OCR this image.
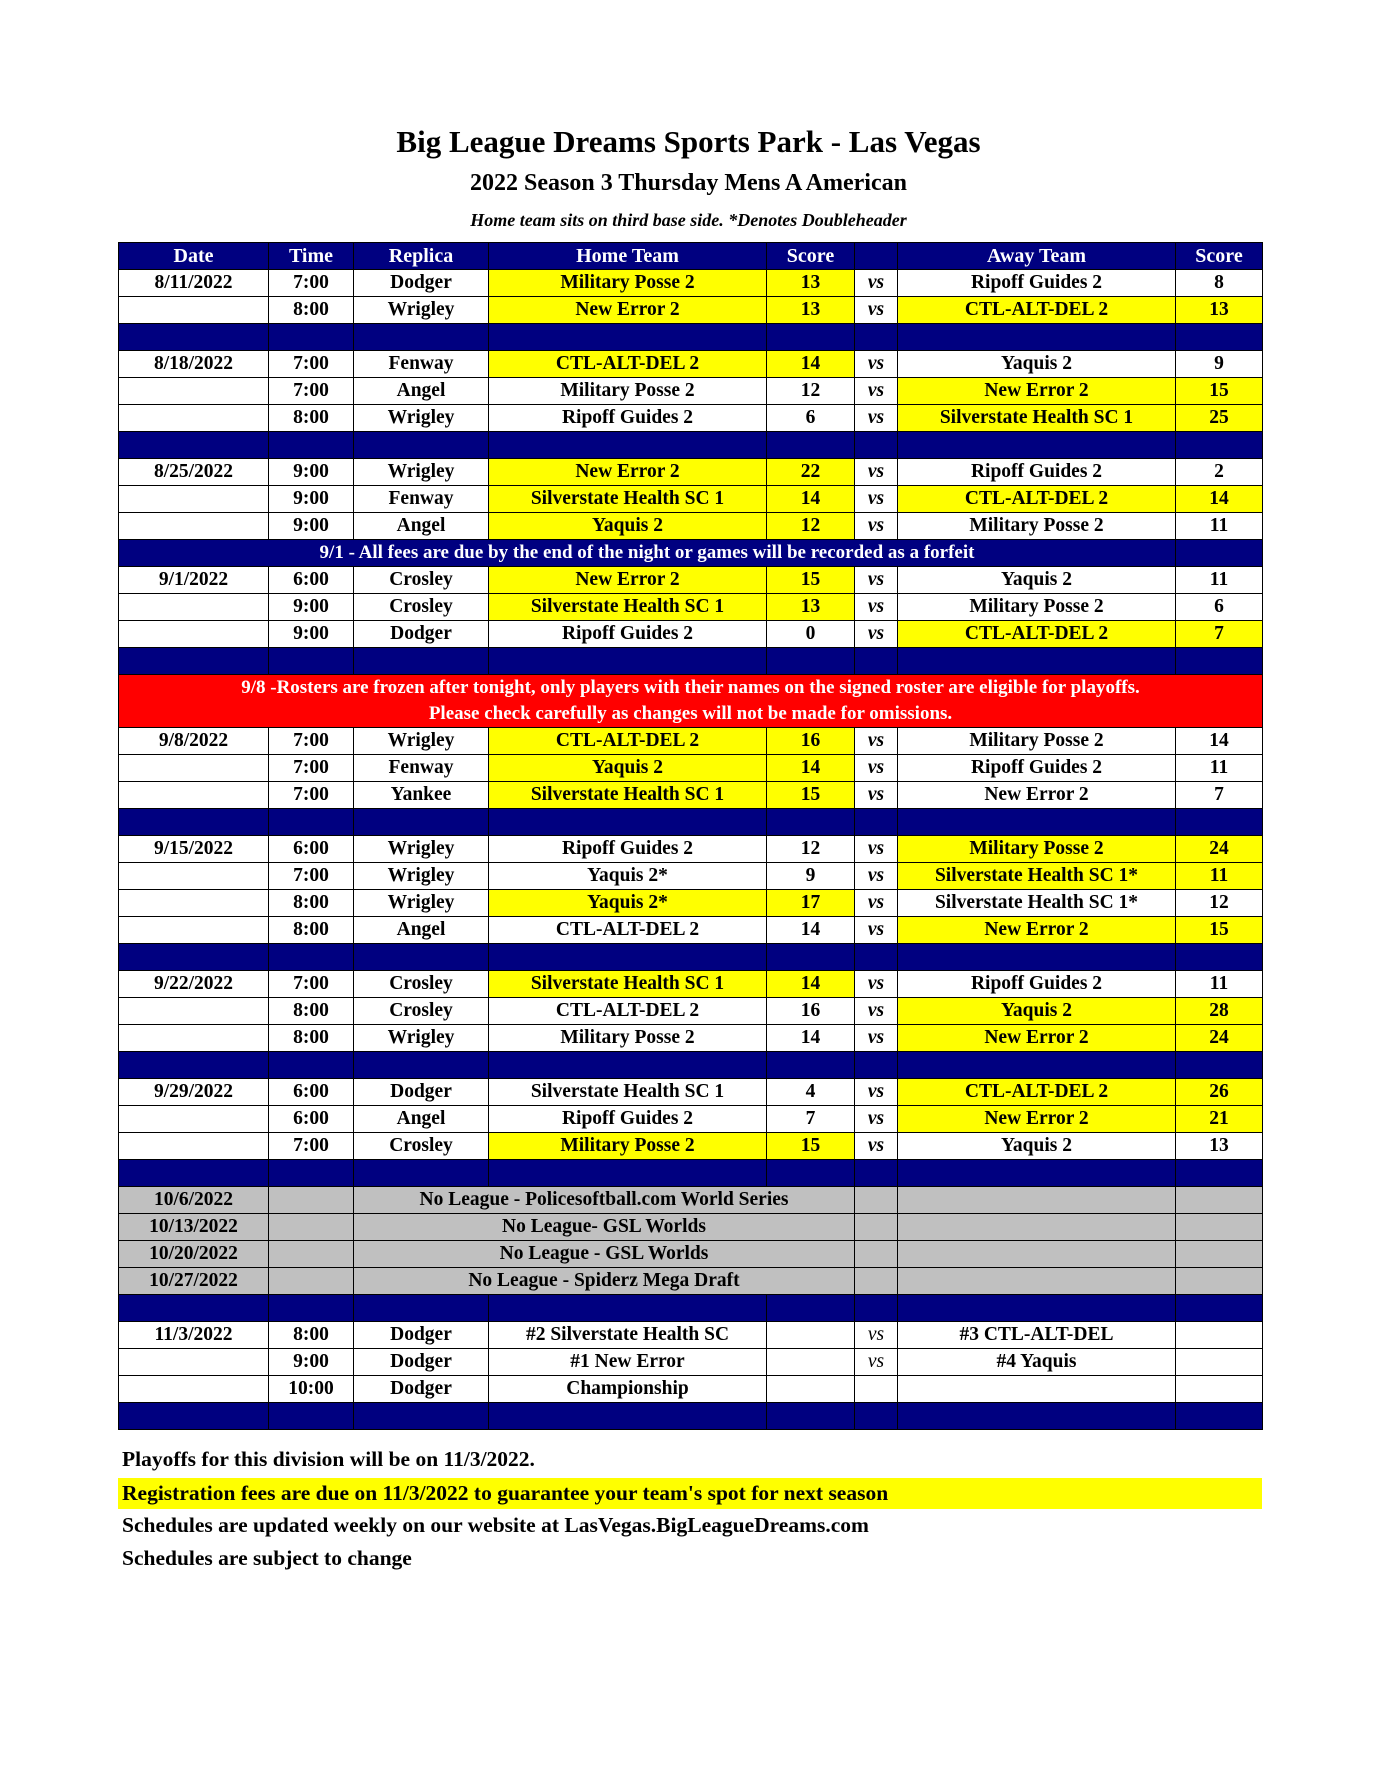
Big League Dreams Sports Park - Las Vegas
2022 Season 3 Thursday Mens A American
Home team sits on third base side. *Denotes Doubleheader
Date	Time	Replica	Home Team	Score		Away Team	Score
8/11/2022	7:00	Dodger	Military Posse 2	13	vs	Ripoff Guides 2	8
	8:00	Wrigley	New Error 2	13	vs	CTL-ALT-DEL 2	13

8/18/2022	7:00	Fenway	CTL-ALT-DEL 2	14	vs	Yaquis 2	9
	7:00	Angel	Military Posse 2	12	vs	New Error 2	15
	8:00	Wrigley	Ripoff Guides 2	6	vs	Silverstate Health SC 1	25

8/25/2022	9:00	Wrigley	New Error 2	22	vs	Ripoff Guides 2	2
	9:00	Fenway	Silverstate Health SC 1	14	vs	CTL-ALT-DEL 2	14
	9:00	Angel	Yaquis 2	12	vs	Military Posse 2	11
9/1 - All fees are due by the end of the night or games will be recorded as a forfeit							
9/1/2022	6:00	Crosley	New Error 2	15	vs	Yaquis 2	11
	9:00	Crosley	Silverstate Health SC 1	13	vs	Military Posse 2	6
	9:00	Dodger	Ripoff Guides 2	0	vs	CTL-ALT-DEL 2	7

9/8 -Rosters are frozen after tonight, only players with their names on the signed roster are eligible for playoffs.
Please check carefully as changes will not be made for omissions.							

9/8/2022	7:00	Wrigley	CTL-ALT-DEL 2	16	vs	Military Posse 2	14
	7:00	Fenway	Yaquis 2	14	vs	Ripoff Guides 2	11
	7:00	Yankee	Silverstate Health SC 1	15	vs	New Error 2	7

9/15/2022	6:00	Wrigley	Ripoff Guides 2	12	vs	Military Posse 2	24
	7:00	Wrigley	Yaquis 2*	9	vs	Silverstate Health SC 1*	11
	8:00	Wrigley	Yaquis 2*	17	vs	Silverstate Health SC 1*	12
	8:00	Angel	CTL-ALT-DEL 2	14	vs	New Error 2	15

9/22/2022	7:00	Crosley	Silverstate Health SC 1	14	vs	Ripoff Guides 2	11
	8:00	Crosley	CTL-ALT-DEL 2	16	vs	Yaquis 2	28
	8:00	Wrigley	Military Posse 2	14	vs	New Error 2	24

9/29/2022	6:00	Dodger	Silverstate Health SC 1	4	vs	CTL-ALT-DEL 2	26
	6:00	Angel	Ripoff Guides 2	7	vs	New Error 2	21
	7:00	Crosley	Military Posse 2	15	vs	Yaquis 2	13

10/6/2022		No League - Policesoftball.com World Series					
10/13/2022		No League- GSL Worlds					
10/20/2022		No League - GSL Worlds					
10/27/2022		No League - Spiderz Mega Draft					

11/3/2022	8:00	Dodger	#2 Silverstate Health SC		vs	#3 CTL-ALT-DEL	
	9:00	Dodger	#1 New Error		vs	#4 Yaquis	
	10:00	Dodger	Championship				

Playoffs for this division will be on 11/3/2022.
Registration fees are due on 11/3/2022 to guarantee your team's spot for next season
Schedules are updated weekly on our website at LasVegas.BigLeagueDreams.com
Schedules are subject to change
